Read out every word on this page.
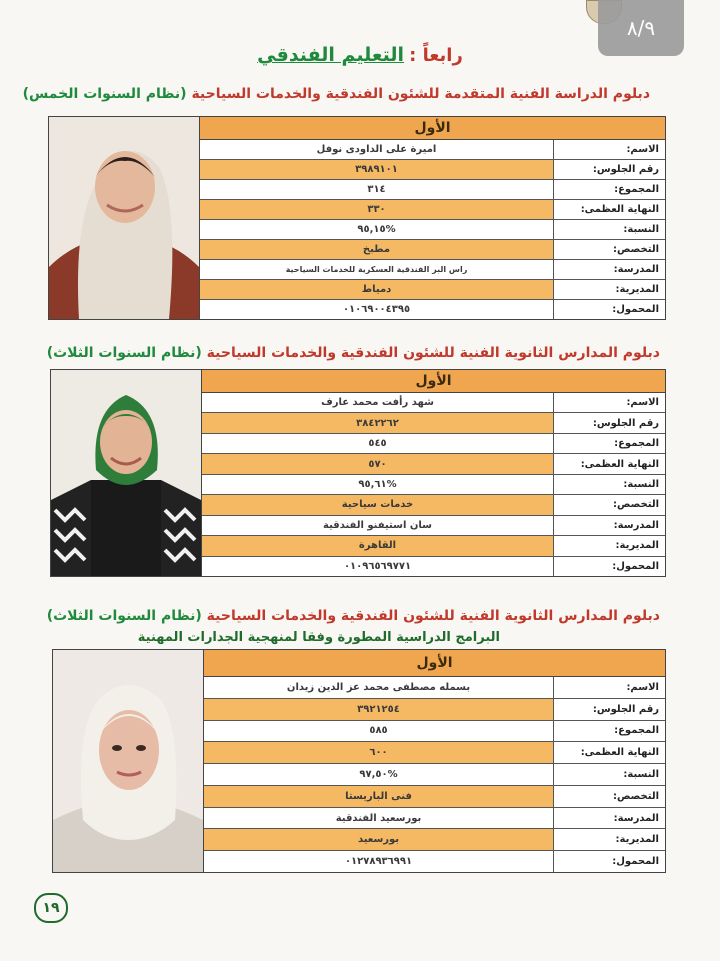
٨/٩
رابعاً : التعليم الفندقي
دبلوم الدراسة الفنية المتقدمة للشئون الفندقية والخدمات السياحية (نظام السنوات الخمس)
الأول
الاسم:
اميرة على الداودى نوفل
رقم الجلوس:
٣٩٨٩١٠١
المجموع:
٣١٤
النهاية العظمى:
٣٣٠
النسبة:
%٩٥,١٥
التخصص:
مطبخ
المدرسة:
راس البر الفندقية العسكرية للخدمات السياحية
المديرية:
دمياط
المحمول:
٠١٠٦٩٠٠٤٣٩٥
دبلوم المدارس الثانوية الفنية للشئون الفندقية والخدمات السياحية (نظام السنوات الثلاث)
الأول
الاسم:
شهد رأفت محمد عارف
رقم الجلوس:
٣٨٤٢٢٦٢
المجموع:
٥٤٥
النهاية العظمى:
٥٧٠
النسبة:
%٩٥,٦١
التخصص:
خدمات سياحية
المدرسة:
سان استيفنو الفندقية
المديرية:
القاهرة
المحمول:
٠١٠٩٦٥٦٩٧٧١
دبلوم المدارس الثانوية الفنية للشئون الفندقية والخدمات السياحية (نظام السنوات الثلاث)
البرامج الدراسية المطورة وفقا لمنهجية الجدارات المهنية
الأول
الاسم:
بسمله مصطفى محمد عز الدين زيدان
رقم الجلوس:
٣٩٢١٢٥٤
المجموع:
٥٨٥
النهاية العظمى:
٦٠٠
النسبة:
%٩٧,٥٠
التخصص:
فنى الباريستا
المدرسة:
بورسعيد الفندقية
المديرية:
بورسعيد
المحمول:
٠١٢٧٨٩٣٦٩٩١
١٩
